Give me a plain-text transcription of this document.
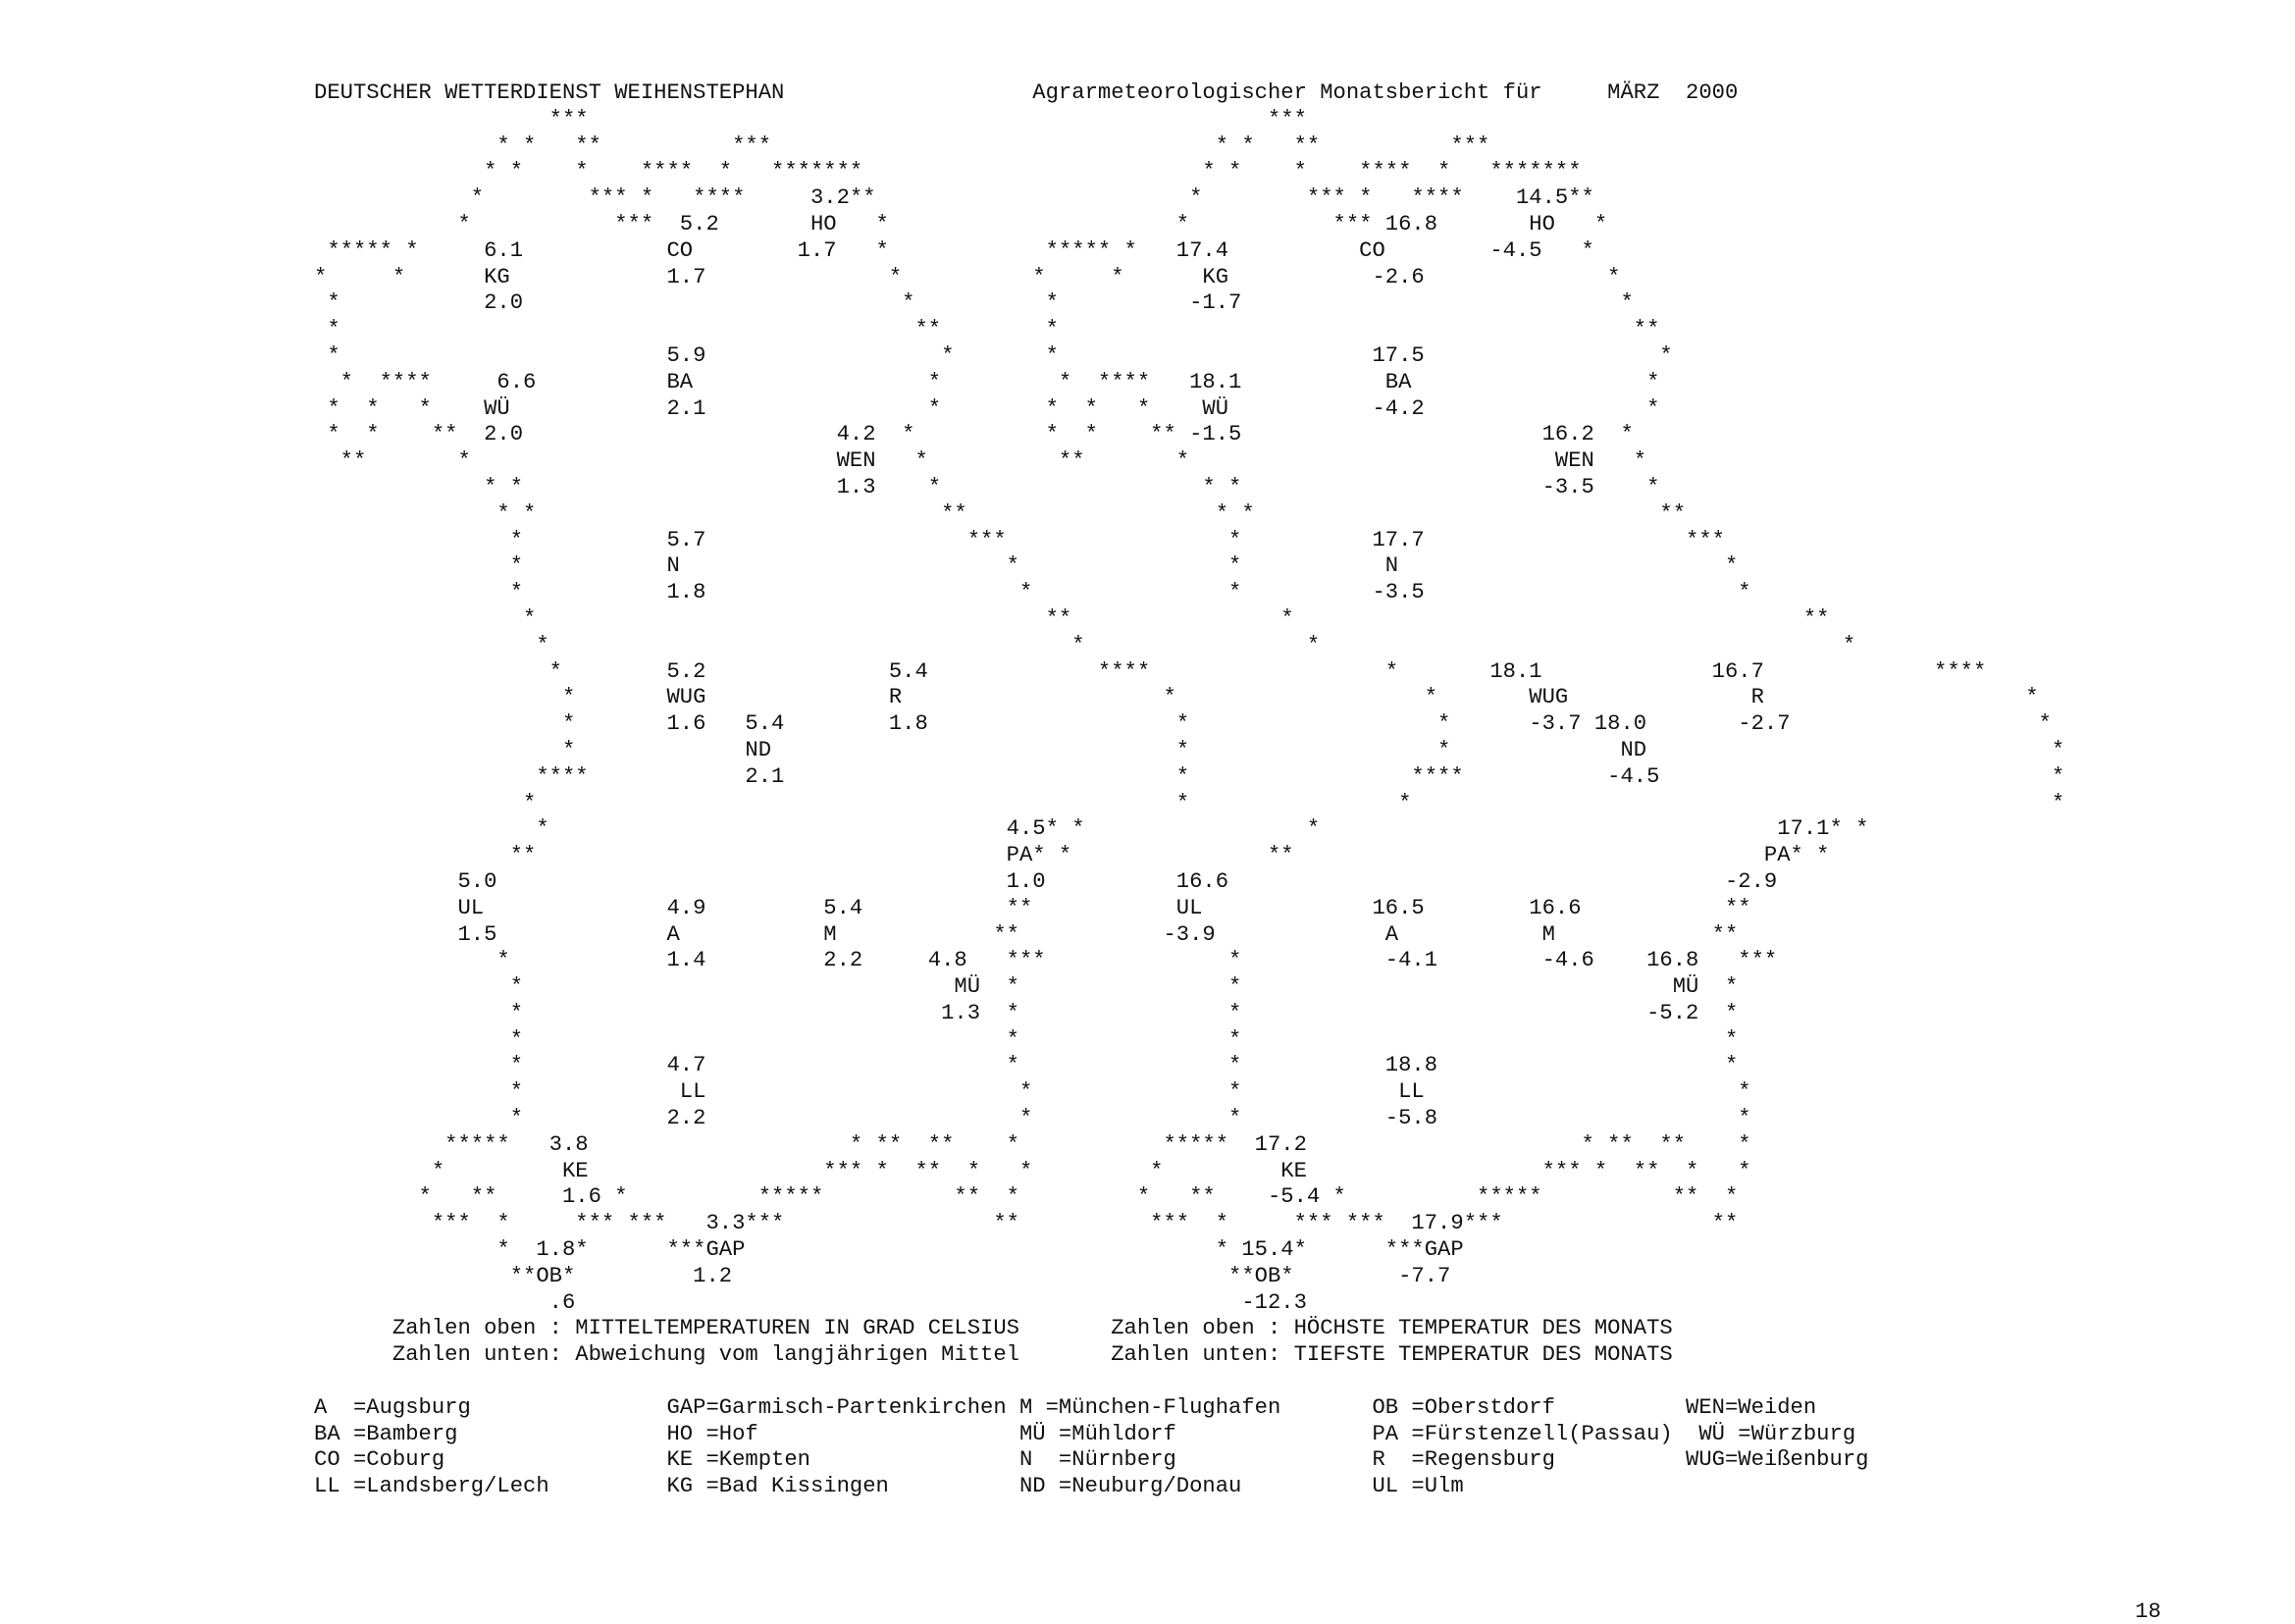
DEUTSCHER WETTERDIENST WEIHENSTEPHAN                   Agrarmeteorologischer Monatsbericht für     MÄRZ  2000
***                                                    ***
* *   **          ***                                  * *   **          ***
* *    *    ****  *   *******                          * *    *    ****  *   *******
*        *** *   ****     3.2**                        *        *** *   ****    14.5**
*           ***  5.2       HO   *                      *           *** 16.8       HO   *
***** *     6.1           CO        1.7   *            ***** *   17.4          CO        -4.5   *
*     *      KG            1.7              *          *     *      KG           -2.6              *
*           2.0                             *          *          -1.7                             *
*                                            **        *                                            **
*                         5.9                  *       *                        17.5                  *
*  ****     6.6          BA                  *         *  ****   18.1           BA                  *
*  *   *    WÜ            2.1                 *        *  *   *    WÜ           -4.2                 *
*  *    **  2.0                        4.2  *          *  *    ** -1.5                       16.2  *
**       *                            WEN   *          **       *                            WEN   *
* *                        1.3    *                    * *                       -3.5    *
* *                               **                   * *                               **
*           5.7                    ***                 *          17.7                    ***
*           N                         *                *           N                         *
*           1.8                        *               *          -3.5                        *
*                                       **                *                                       **
*                                        *                 *                                        *
*        5.2              5.4             ****                  *       18.1             16.7             ****
*       WUG              R                    *                   *       WUG              R                    *
*       1.6   5.4        1.8                   *                   *      -3.7 18.0       -2.7                   *
*             ND                               *                   *             ND                               *
****            2.1                              *                 ****           -4.5                              *
*                                                 *                *                                                 *
*                                   4.5* *                 *                                   17.1* *
**                                    PA* *               **                                    PA* *
5.0                                       1.0          16.6                                      -2.9
UL              4.9         5.4           **           UL             16.5        16.6           **
1.5             A           M            **           -3.9             A           M            **
*            1.4         2.2     4.8   ***              *           -4.1        -4.6    16.8   ***
*                                 MÜ  *                *                                 MÜ  *
*                                1.3  *                *                               -5.2  *
*                                     *                *                                     *
*           4.7                       *                *           18.8                      *
*            LL                        *               *            LL                        *
*           2.2                        *               *           -5.8                       *
*****   3.8                    * **  **    *           *****  17.2                     * **  **    *
*         KE                  *** *  **  *   *         *         KE                  *** *  **  *   *
*   **     1.6 *          *****          **  *         *   **    -5.4 *          *****          **  *
***  *     *** ***   3.3***                **          ***  *     *** ***  17.9***                **
*  1.8*      ***GAP                                    * 15.4*      ***GAP
**OB*         1.2                                      **OB*        -7.7
.6                                                   -12.3
Zahlen oben : MITTELTEMPERATUREN IN GRAD CELSIUS       Zahlen oben : HÖCHSTE TEMPERATUR DES MONATS
Zahlen unten: Abweichung vom langjährigen Mittel       Zahlen unten: TIEFSTE TEMPERATUR DES MONATS

A  =Augsburg               GAP=Garmisch-Partenkirchen M =München-Flughafen       OB =Oberstdorf          WEN=Weiden
BA =Bamberg                HO =Hof                    MÜ =Mühldorf               PA =Fürstenzell(Passau)  WÜ =Würzburg
CO =Coburg                 KE =Kempten                N  =Nürnberg               R  =Regensburg          WUG=Weißenburg
LL =Landsberg/Lech         KG =Bad Kissingen          ND =Neuburg/Donau          UL =Ulm
18
